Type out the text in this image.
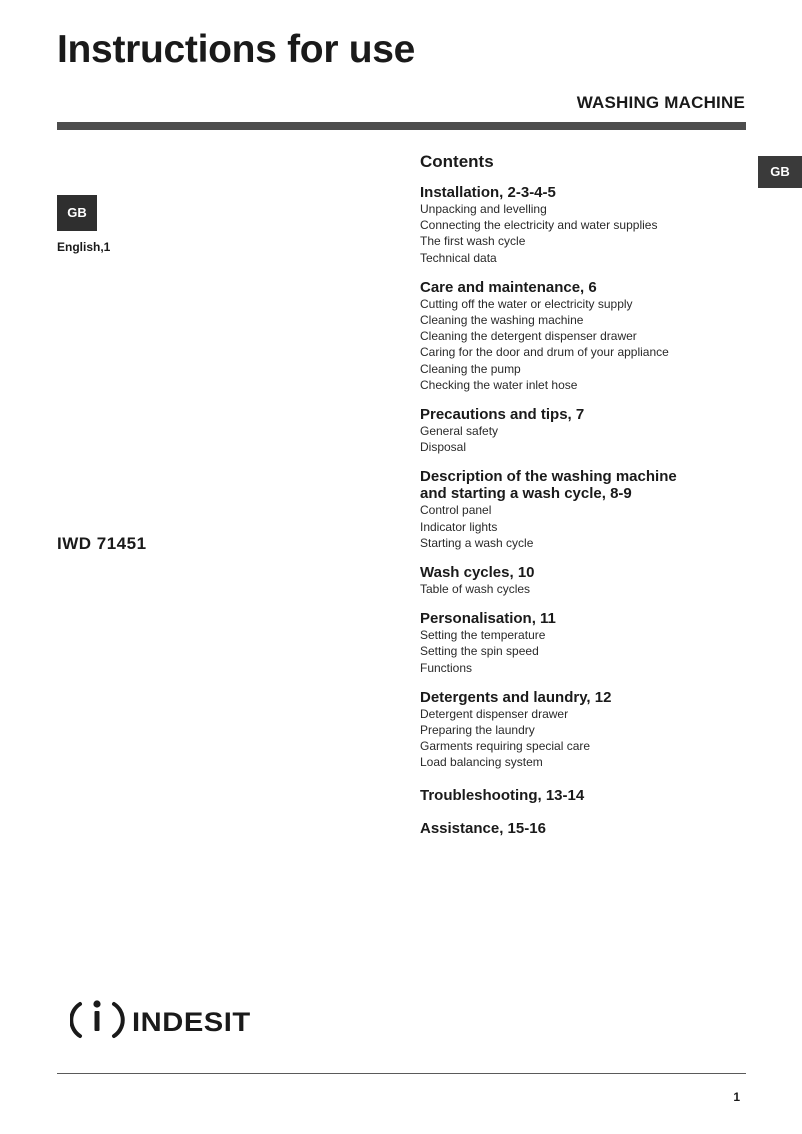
Instructions for use
WASHING MACHINE
GB
GB
English,1
IWD 71451
Contents
Installation, 2-3-4-5
Unpacking and levelling
Connecting the electricity and water supplies
The first wash cycle
Technical data
Care and maintenance, 6
Cutting off the water or electricity supply
Cleaning the washing machine
Cleaning the detergent dispenser drawer
Caring for the door and drum of your appliance
Cleaning the pump
Checking the water inlet hose
Precautions and tips, 7
General safety
Disposal
Description of the washing machine
and starting a wash cycle, 8-9
Control panel
Indicator lights
Starting a wash cycle
Wash cycles, 10
Table of wash cycles
Personalisation, 11
Setting the temperature
Setting the spin speed
Functions
Detergents and laundry, 12
Detergent dispenser drawer
Preparing the laundry
Garments requiring special care
Load balancing system
Troubleshooting, 13-14
Assistance, 15-16
INDESIT
1
